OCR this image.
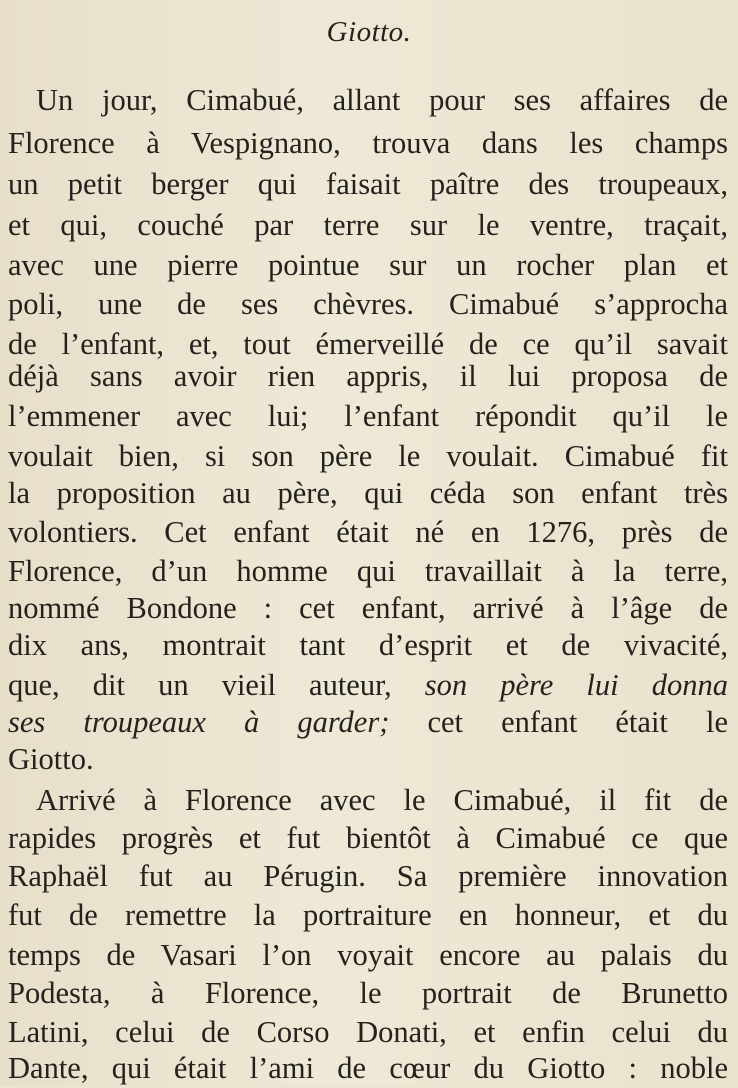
Giotto.
Un jour, Cimabué, allant pour ses affaires de
Florence à Vespignano, trouva dans les champs
un petit berger qui faisait paître des troupeaux,
et qui, couché par terre sur le ventre, traçait,
avec une pierre pointue sur un rocher plan et
poli, une de ses chèvres. Cimabué s’approcha
de l’enfant, et, tout émerveillé de ce qu’il savait
déjà sans avoir rien appris, il lui proposa de
l’emmener avec lui; l’enfant répondit qu’il le
voulait bien, si son père le voulait. Cimabué fit
la proposition au père, qui céda son enfant très
volontiers. Cet enfant était né en 1276, près de
Florence, d’un homme qui travaillait à la terre,
nommé Bondone : cet enfant, arrivé à l’âge de
dix ans, montrait tant d’esprit et de vivacité,
que, dit un vieil auteur, son père lui donna
ses troupeaux à garder; cet enfant était le
Giotto.
Arrivé à Florence avec le Cimabué, il fit de
rapides progrès et fut bientôt à Cimabué ce que
Raphaël fut au Pérugin. Sa première innovation
fut de remettre la portraiture en honneur, et du
temps de Vasari l’on voyait encore au palais du
Podesta, à Florence, le portrait de Brunetto
Latini, celui de Corso Donati, et enfin celui du
Dante, qui était l’ami de cœur du Giotto : noble
